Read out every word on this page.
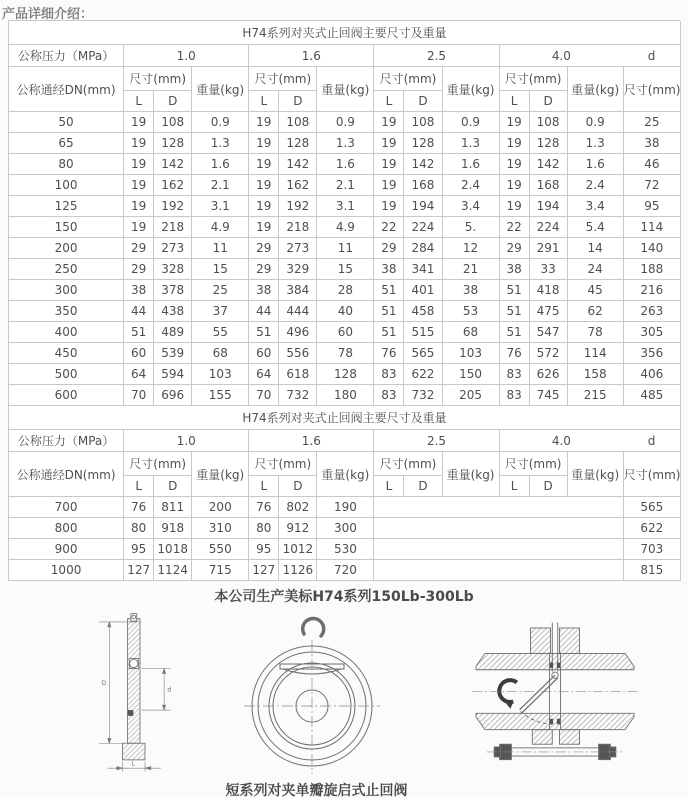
产品详细介绍：
H74系列对夹式止回阀主要尺寸及重量													
公称压力（MPa）	1.0			1.6			2.5			4.0 d			

公称通经DN(mm)	尺寸(mm)		重量(kg)	尺寸(mm)		重量(kg)	尺寸(mm)		重量(kg)	尺寸(mm)		重量(kg)	尺寸(mm)
	L	D		L	D		L	D		L	D		
50	19	108	0.9	19	108	0.9	19	108	0.9	19	108	0.9	25
65	19	128	1.3	19	128	1.3	19	128	1.3	19	128	1.3	38
80	19	142	1.6	19	142	1.6	19	142	1.6	19	142	1.6	46
100	19	162	2.1	19	162	2.1	19	168	2.4	19	168	2.4	72
125	19	192	3.1	19	192	3.1	19	194	3.4	19	194	3.4	95
150	19	218	4.9	19	218	4.9	22	224	5.	22	224	5.4	114
200	29	273	11	29	273	11	29	284	12	29	291	14	140
250	29	328	15	29	329	15	38	341	21	38	33	24	188
300	38	378	25	38	384	28	51	401	38	51	418	45	216
350	44	438	37	44	444	40	51	458	53	51	475	62	263
400	51	489	55	51	496	60	51	515	68	51	547	78	305
450	60	539	68	60	556	78	76	565	103	76	572	114	356
500	64	594	103	64	618	128	83	622	150	83	626	158	406
600	70	696	155	70	732	180	83	732	205	83	745	215	485
H74系列对夹式止回阀主要尺寸及重量													
公称压力（MPa）	1.0			1.6			2.5			4.0 d			

公称通经DN(mm)	尺寸(mm)		重量(kg)	尺寸(mm)		重量(kg)	尺寸(mm)		重量(kg)	尺寸(mm)		重量(kg)	尺寸(mm)
	L	D		L	D		L	D		L	D		
700	76	811	200	76	802	190							565
800	80	918	310	80	912	300							622
900	95	1018	550	95	1012	530							703
1000	127	1124	715	127	1126	720							815
本公司生产美标H74系列150Lb-300Lb
D
d
L
短系列对夹单瓣旋启式止回阀
